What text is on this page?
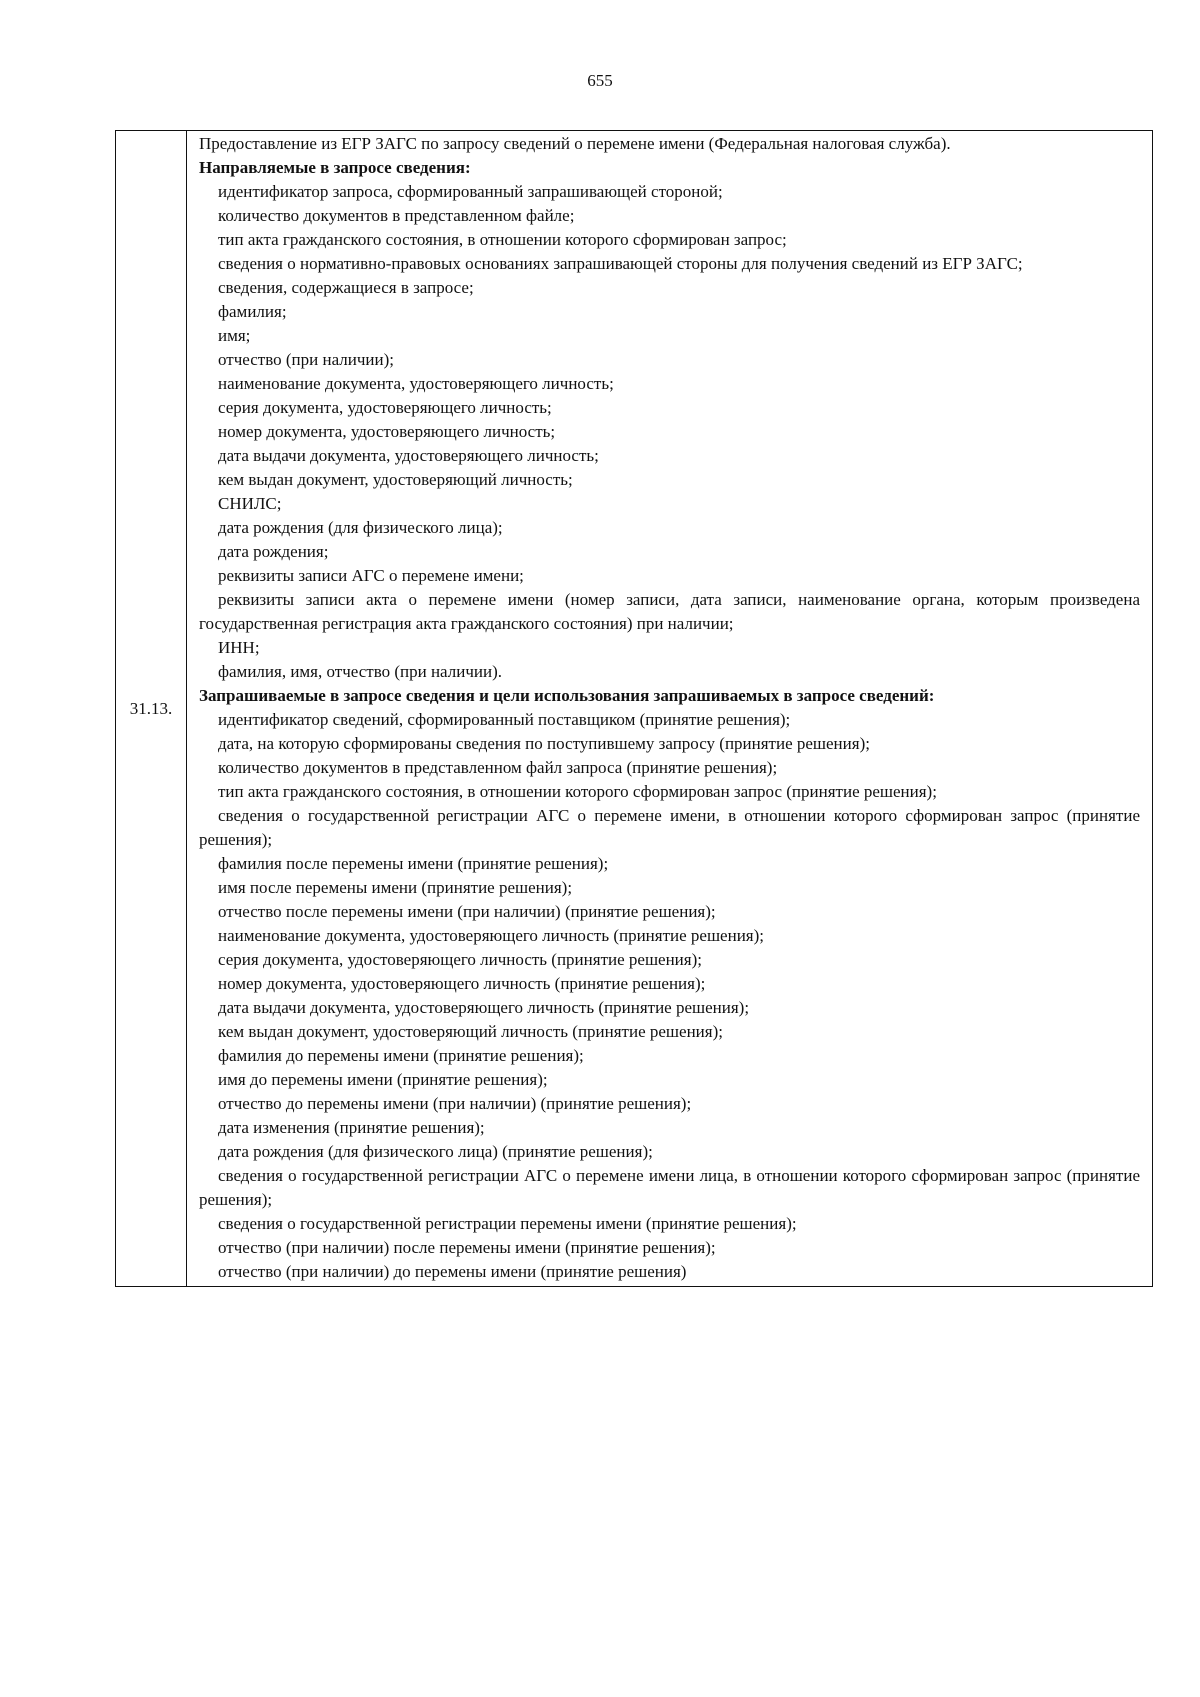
655
31.13.	
Предоставление из ЕГР ЗАГС по запросу сведений о перемене имени (Федеральная налоговая служба).
Направляемые в запросе сведения:
идентификатор запроса, сформированный запрашивающей стороной;
количество документов в представленном файле;
тип акта гражданского состояния, в отношении которого сформирован запрос;
сведения о нормативно-правовых основаниях запрашивающей стороны для получения сведений из ЕГР ЗАГС;
сведения, содержащиеся в запросе;
фамилия;
имя;
отчество (при наличии);
наименование документа, удостоверяющего личность;
серия документа, удостоверяющего личность;
номер документа, удостоверяющего личность;
дата выдачи документа, удостоверяющего личность;
кем выдан документ, удостоверяющий личность;
СНИЛС;
дата рождения (для физического лица);
дата рождения;
реквизиты записи АГС о перемене имени;
реквизиты записи акта о перемене имени (номер записи, дата записи, наименование органа, которым произведена государственная регистрация акта гражданского состояния) при наличии;
ИНН;
фамилия, имя, отчество (при наличии).
Запрашиваемые в запросе сведения и цели использования запрашиваемых в запросе сведений:
идентификатор сведений, сформированный поставщиком (принятие решения);
дата, на которую сформированы сведения по поступившему запросу (принятие решения);
количество документов в представленном файл запроса (принятие решения);
тип акта гражданского состояния, в отношении которого сформирован запрос (принятие решения);
сведения о государственной регистрации АГС о перемене имени, в отношении которого сформирован запрос (принятие решения);
фамилия после перемены имени (принятие решения);
имя после перемены имени (принятие решения);
отчество после перемены имени (при наличии) (принятие решения);
наименование документа, удостоверяющего личность (принятие решения);
серия документа, удостоверяющего личность (принятие решения);
номер документа, удостоверяющего личность (принятие решения);
дата выдачи документа, удостоверяющего личность (принятие решения);
кем выдан документ, удостоверяющий личность (принятие решения);
фамилия до перемены имени (принятие решения);
имя до перемены имени (принятие решения);
отчество до перемены имени (при наличии) (принятие решения);
дата изменения (принятие решения);
дата рождения (для физического лица) (принятие решения);
сведения о государственной регистрации АГС о перемене имени лица, в отношении которого сформирован запрос (принятие решения);
сведения о государственной регистрации перемены имени (принятие решения);
отчество (при наличии) после перемены имени (принятие решения);
отчество (при наличии) до перемены имени (принятие решения)
